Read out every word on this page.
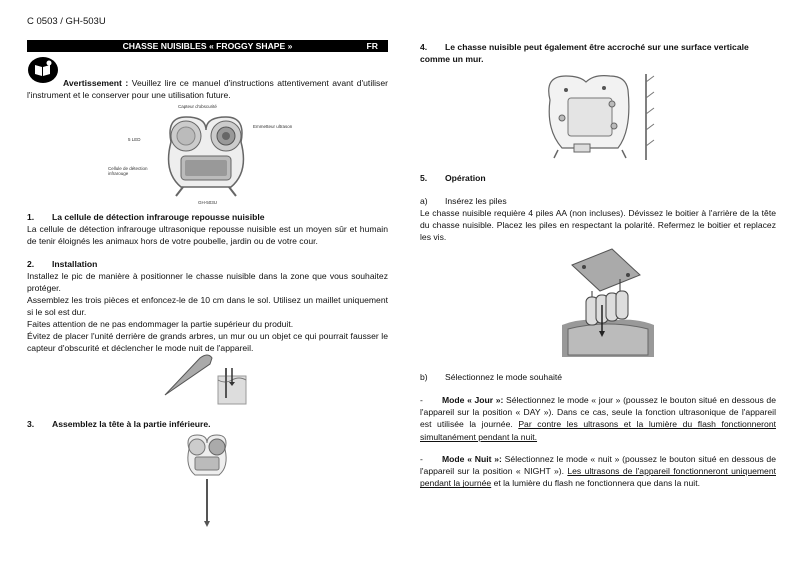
C 0503 / GH-503U
CHASSE NUISIBLES « FROGGY SHAPE »	FR
Avertissement : Veuillez lire ce manuel d'instructions attentivement avant d'utiliser l'instrument et le conserver pour une utilisation future.
Capteur d'obscurité
5 LED
Emmetteur ultrason
Cellule de détection infrarouge
GH-503U
1. La cellule de détection infrarouge repousse nuisible
La cellule de détection infrarouge ultrasonique repousse nuisible est un moyen sûr et humain de tenir éloignés les animaux hors de votre poubelle, jardin ou de votre cour.
2. Installation
Installez le pic de manière à positionner le chasse nuisible dans la zone que vous souhaitez protéger.
Assemblez les trois pièces et enfoncez-le de 10 cm dans le sol. Utilisez un maillet uniquement si le sol est dur.
Faites attention de ne pas endommager la partie supérieur du produit.
Évitez de placer l'unité derrière de grands arbres, un mur ou un objet ce qui pourrait fausser le capteur d'obscurité et déclencher le mode nuit de l'appareil.
3. Assemblez la tête à la partie inférieure.
4. Le chasse nuisible peut également être accroché sur une surface verticale comme un mur.
5. Opération
a) Insérez les piles
Le chasse nuisible requière 4 piles AA (non incluses). Dévissez le boitier à l'arrière de la tête du chasse nuisible. Placez les piles en respectant la polarité. Refermez le boitier et replacez les vis.
b) Sélectionnez le mode souhaité
- Mode « Jour »: Sélectionnez le mode « jour » (poussez le bouton situé en dessous de l'appareil sur la position « DAY »). Dans ce cas, seule la fonction ultrasonique de l'appareil est utilisée la journée. Par contre les ultrasons et la lumière du flash fonctionneront simultanément pendant la nuit.
- Mode « Nuit »: Sélectionnez le mode « nuit » (poussez le bouton situé en dessous de l'appareil sur la position « NIGHT »). Les ultrasons de l'appareil fonctionneront uniquement pendant la journée et la lumière du flash ne fonctionnera que dans la nuit.
